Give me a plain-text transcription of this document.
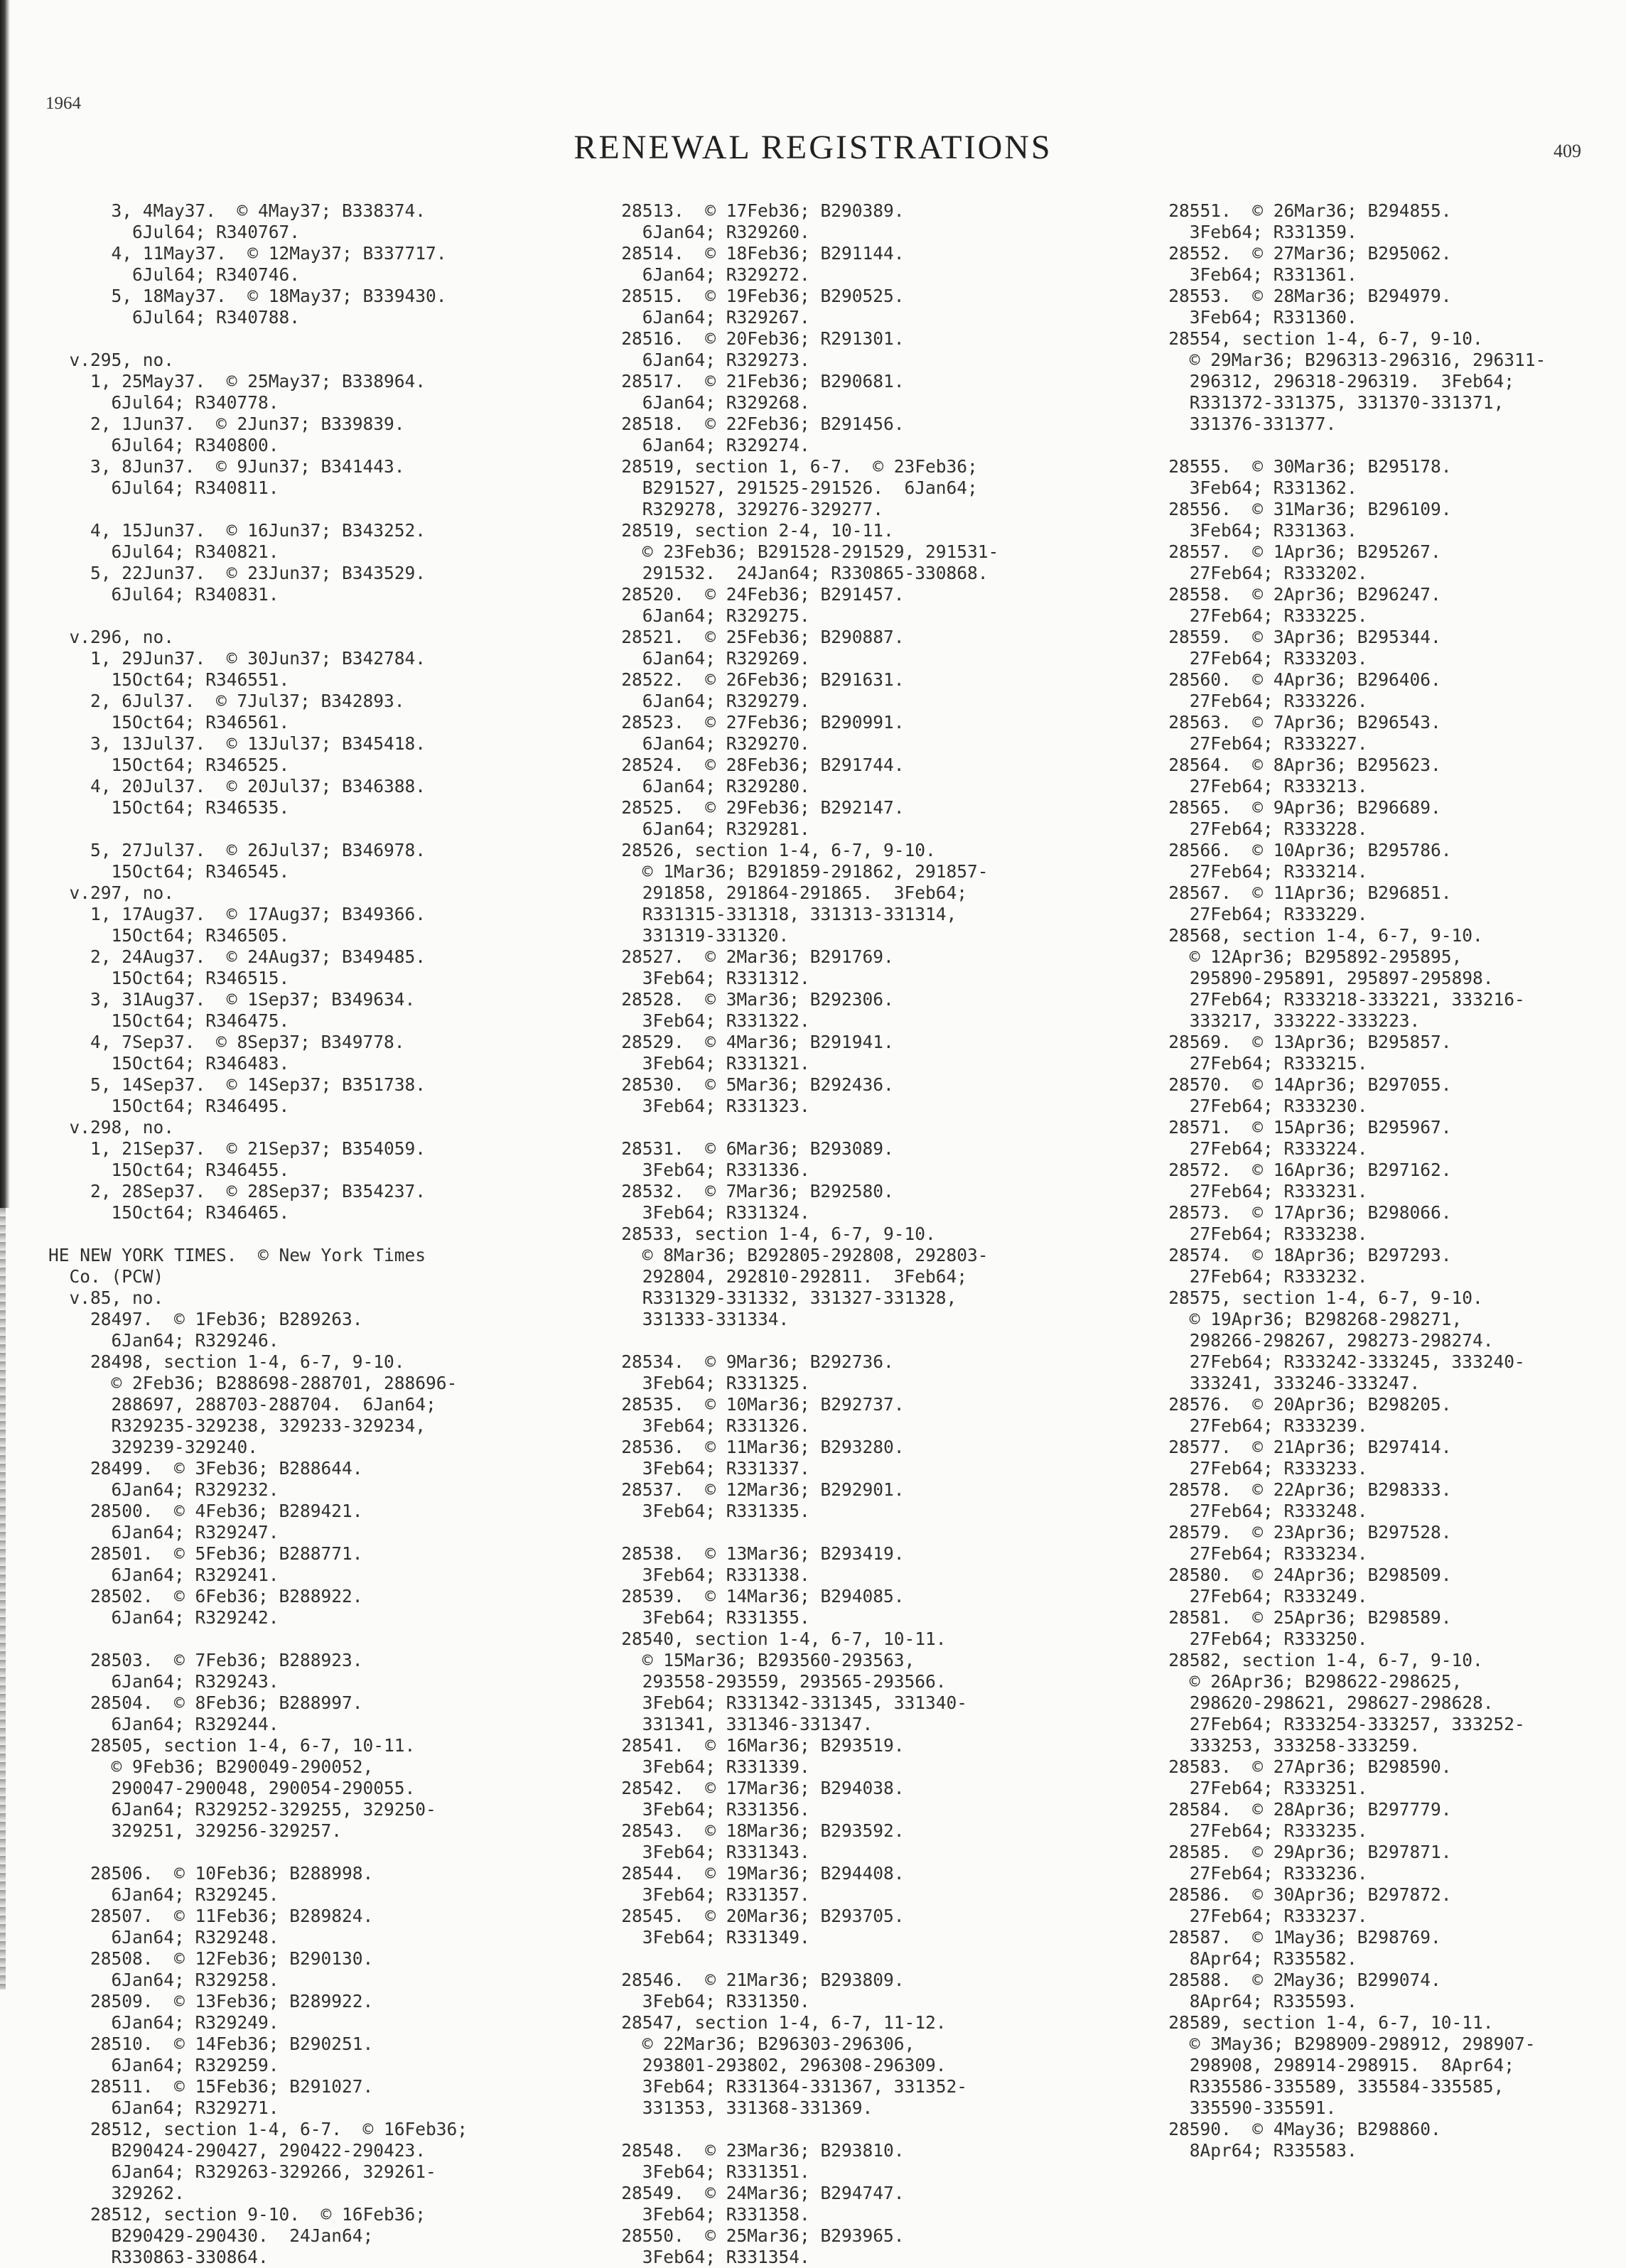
1964
RENEWAL REGISTRATIONS	409
3, 4May37.  © 4May37; B338374.
6Jul64; R340767.
4, 11May37.  © 12May37; B337717.
6Jul64; R340746.
5, 18May37.  © 18May37; B339430.
6Jul64; R340788.
v.295, no.
1, 25May37.  © 25May37; B338964.
6Jul64; R340778.
2, 1Jun37.  © 2Jun37; B339839.
6Jul64; R340800.
3, 8Jun37.  © 9Jun37; B341443.
6Jul64; R340811.
4, 15Jun37.  © 16Jun37; B343252.
6Jul64; R340821.
5, 22Jun37.  © 23Jun37; B343529.
6Jul64; R340831.
v.296, no.
1, 29Jun37.  © 30Jun37; B342784.
15Oct64; R346551.
2, 6Jul37.  © 7Jul37; B342893.
15Oct64; R346561.
3, 13Jul37.  © 13Jul37; B345418.
15Oct64; R346525.
4, 20Jul37.  © 20Jul37; B346388.
15Oct64; R346535.
5, 27Jul37.  © 26Jul37; B346978.
15Oct64; R346545.
v.297, no.
1, 17Aug37.  © 17Aug37; B349366.
15Oct64; R346505.
2, 24Aug37.  © 24Aug37; B349485.
15Oct64; R346515.
3, 31Aug37.  © 1Sep37; B349634.
15Oct64; R346475.
4, 7Sep37.  © 8Sep37; B349778.
15Oct64; R346483.
5, 14Sep37.  © 14Sep37; B351738.
15Oct64; R346495.
v.298, no.
1, 21Sep37.  © 21Sep37; B354059.
15Oct64; R346455.
2, 28Sep37.  © 28Sep37; B354237.
15Oct64; R346465.
HE NEW YORK TIMES.  © New York Times
Co. (PCW)
v.85, no.
28497.  © 1Feb36; B289263.
6Jan64; R329246.
28498, section 1-4, 6-7, 9-10.
© 2Feb36; B288698-288701, 288696-
288697, 288703-288704.  6Jan64;
R329235-329238, 329233-329234,
329239-329240.
28499.  © 3Feb36; B288644.
6Jan64; R329232.
28500.  © 4Feb36; B289421.
6Jan64; R329247.
28501.  © 5Feb36; B288771.
6Jan64; R329241.
28502.  © 6Feb36; B288922.
6Jan64; R329242.
28503.  © 7Feb36; B288923.
6Jan64; R329243.
28504.  © 8Feb36; B288997.
6Jan64; R329244.
28505, section 1-4, 6-7, 10-11.
© 9Feb36; B290049-290052,
290047-290048, 290054-290055.
6Jan64; R329252-329255, 329250-
329251, 329256-329257.
28506.  © 10Feb36; B288998.
6Jan64; R329245.
28507.  © 11Feb36; B289824.
6Jan64; R329248.
28508.  © 12Feb36; B290130.
6Jan64; R329258.
28509.  © 13Feb36; B289922.
6Jan64; R329249.
28510.  © 14Feb36; B290251.
6Jan64; R329259.
28511.  © 15Feb36; B291027.
6Jan64; R329271.
28512, section 1-4, 6-7.  © 16Feb36;
B290424-290427, 290422-290423.
6Jan64; R329263-329266, 329261-
329262.
28512, section 9-10.  © 16Feb36;
B290429-290430.  24Jan64;
R330863-330864.
28513.  © 17Feb36; B290389.
6Jan64; R329260.
28514.  © 18Feb36; B291144.
6Jan64; R329272.
28515.  © 19Feb36; B290525.
6Jan64; R329267.
28516.  © 20Feb36; R291301.
6Jan64; R329273.
28517.  © 21Feb36; B290681.
6Jan64; R329268.
28518.  © 22Feb36; B291456.
6Jan64; R329274.
28519, section 1, 6-7.  © 23Feb36;
B291527, 291525-291526.  6Jan64;
R329278, 329276-329277.
28519, section 2-4, 10-11.
© 23Feb36; B291528-291529, 291531-
291532.  24Jan64; R330865-330868.
28520.  © 24Feb36; B291457.
6Jan64; R329275.
28521.  © 25Feb36; B290887.
6Jan64; R329269.
28522.  © 26Feb36; B291631.
6Jan64; R329279.
28523.  © 27Feb36; B290991.
6Jan64; R329270.
28524.  © 28Feb36; B291744.
6Jan64; R329280.
28525.  © 29Feb36; B292147.
6Jan64; R329281.
28526, section 1-4, 6-7, 9-10.
© 1Mar36; B291859-291862, 291857-
291858, 291864-291865.  3Feb64;
R331315-331318, 331313-331314,
331319-331320.
28527.  © 2Mar36; B291769.
3Feb64; R331312.
28528.  © 3Mar36; B292306.
3Feb64; R331322.
28529.  © 4Mar36; B291941.
3Feb64; R331321.
28530.  © 5Mar36; B292436.
3Feb64; R331323.
28531.  © 6Mar36; B293089.
3Feb64; R331336.
28532.  © 7Mar36; B292580.
3Feb64; R331324.
28533, section 1-4, 6-7, 9-10.
© 8Mar36; B292805-292808, 292803-
292804, 292810-292811.  3Feb64;
R331329-331332, 331327-331328,
331333-331334.
28534.  © 9Mar36; B292736.
3Feb64; R331325.
28535.  © 10Mar36; B292737.
3Feb64; R331326.
28536.  © 11Mar36; B293280.
3Feb64; R331337.
28537.  © 12Mar36; B292901.
3Feb64; R331335.
28538.  © 13Mar36; B293419.
3Feb64; R331338.
28539.  © 14Mar36; B294085.
3Feb64; R331355.
28540, section 1-4, 6-7, 10-11.
© 15Mar36; B293560-293563,
293558-293559, 293565-293566.
3Feb64; R331342-331345, 331340-
331341, 331346-331347.
28541.  © 16Mar36; B293519.
3Feb64; R331339.
28542.  © 17Mar36; B294038.
3Feb64; R331356.
28543.  © 18Mar36; B293592.
3Feb64; R331343.
28544.  © 19Mar36; B294408.
3Feb64; R331357.
28545.  © 20Mar36; B293705.
3Feb64; R331349.
28546.  © 21Mar36; B293809.
3Feb64; R331350.
28547, section 1-4, 6-7, 11-12.
© 22Mar36; B296303-296306,
293801-293802, 296308-296309.
3Feb64; R331364-331367, 331352-
331353, 331368-331369.
28548.  © 23Mar36; B293810.
3Feb64; R331351.
28549.  © 24Mar36; B294747.
3Feb64; R331358.
28550.  © 25Mar36; B293965.
3Feb64; R331354.
28551.  © 26Mar36; B294855.
3Feb64; R331359.
28552.  © 27Mar36; B295062.
3Feb64; R331361.
28553.  © 28Mar36; B294979.
3Feb64; R331360.
28554, section 1-4, 6-7, 9-10.
© 29Mar36; B296313-296316, 296311-
296312, 296318-296319.  3Feb64;
R331372-331375, 331370-331371,
331376-331377.
28555.  © 30Mar36; B295178.
3Feb64; R331362.
28556.  © 31Mar36; B296109.
3Feb64; R331363.
28557.  © 1Apr36; B295267.
27Feb64; R333202.
28558.  © 2Apr36; B296247.
27Feb64; R333225.
28559.  © 3Apr36; B295344.
27Feb64; R333203.
28560.  © 4Apr36; B296406.
27Feb64; R333226.
28563.  © 7Apr36; B296543.
27Feb64; R333227.
28564.  © 8Apr36; B295623.
27Feb64; R333213.
28565.  © 9Apr36; B296689.
27Feb64; R333228.
28566.  © 10Apr36; B295786.
27Feb64; R333214.
28567.  © 11Apr36; B296851.
27Feb64; R333229.
28568, section 1-4, 6-7, 9-10.
© 12Apr36; B295892-295895,
295890-295891, 295897-295898.
27Feb64; R333218-333221, 333216-
333217, 333222-333223.
28569.  © 13Apr36; B295857.
27Feb64; R333215.
28570.  © 14Apr36; B297055.
27Feb64; R333230.
28571.  © 15Apr36; B295967.
27Feb64; R333224.
28572.  © 16Apr36; B297162.
27Feb64; R333231.
28573.  © 17Apr36; B298066.
27Feb64; R333238.
28574.  © 18Apr36; B297293.
27Feb64; R333232.
28575, section 1-4, 6-7, 9-10.
© 19Apr36; B298268-298271,
298266-298267, 298273-298274.
27Feb64; R333242-333245, 333240-
333241, 333246-333247.
28576.  © 20Apr36; B298205.
27Feb64; R333239.
28577.  © 21Apr36; B297414.
27Feb64; R333233.
28578.  © 22Apr36; B298333.
27Feb64; R333248.
28579.  © 23Apr36; B297528.
27Feb64; R333234.
28580.  © 24Apr36; B298509.
27Feb64; R333249.
28581.  © 25Apr36; B298589.
27Feb64; R333250.
28582, section 1-4, 6-7, 9-10.
© 26Apr36; B298622-298625,
298620-298621, 298627-298628.
27Feb64; R333254-333257, 333252-
333253, 333258-333259.
28583.  © 27Apr36; B298590.
27Feb64; R333251.
28584.  © 28Apr36; B297779.
27Feb64; R333235.
28585.  © 29Apr36; B297871.
27Feb64; R333236.
28586.  © 30Apr36; B297872.
27Feb64; R333237.
28587.  © 1May36; B298769.
8Apr64; R335582.
28588.  © 2May36; B299074.
8Apr64; R335593.
28589, section 1-4, 6-7, 10-11.
© 3May36; B298909-298912, 298907-
298908, 298914-298915.  8Apr64;
R335586-335589, 335584-335585,
335590-335591.
28590.  © 4May36; B298860.
8Apr64; R335583.
